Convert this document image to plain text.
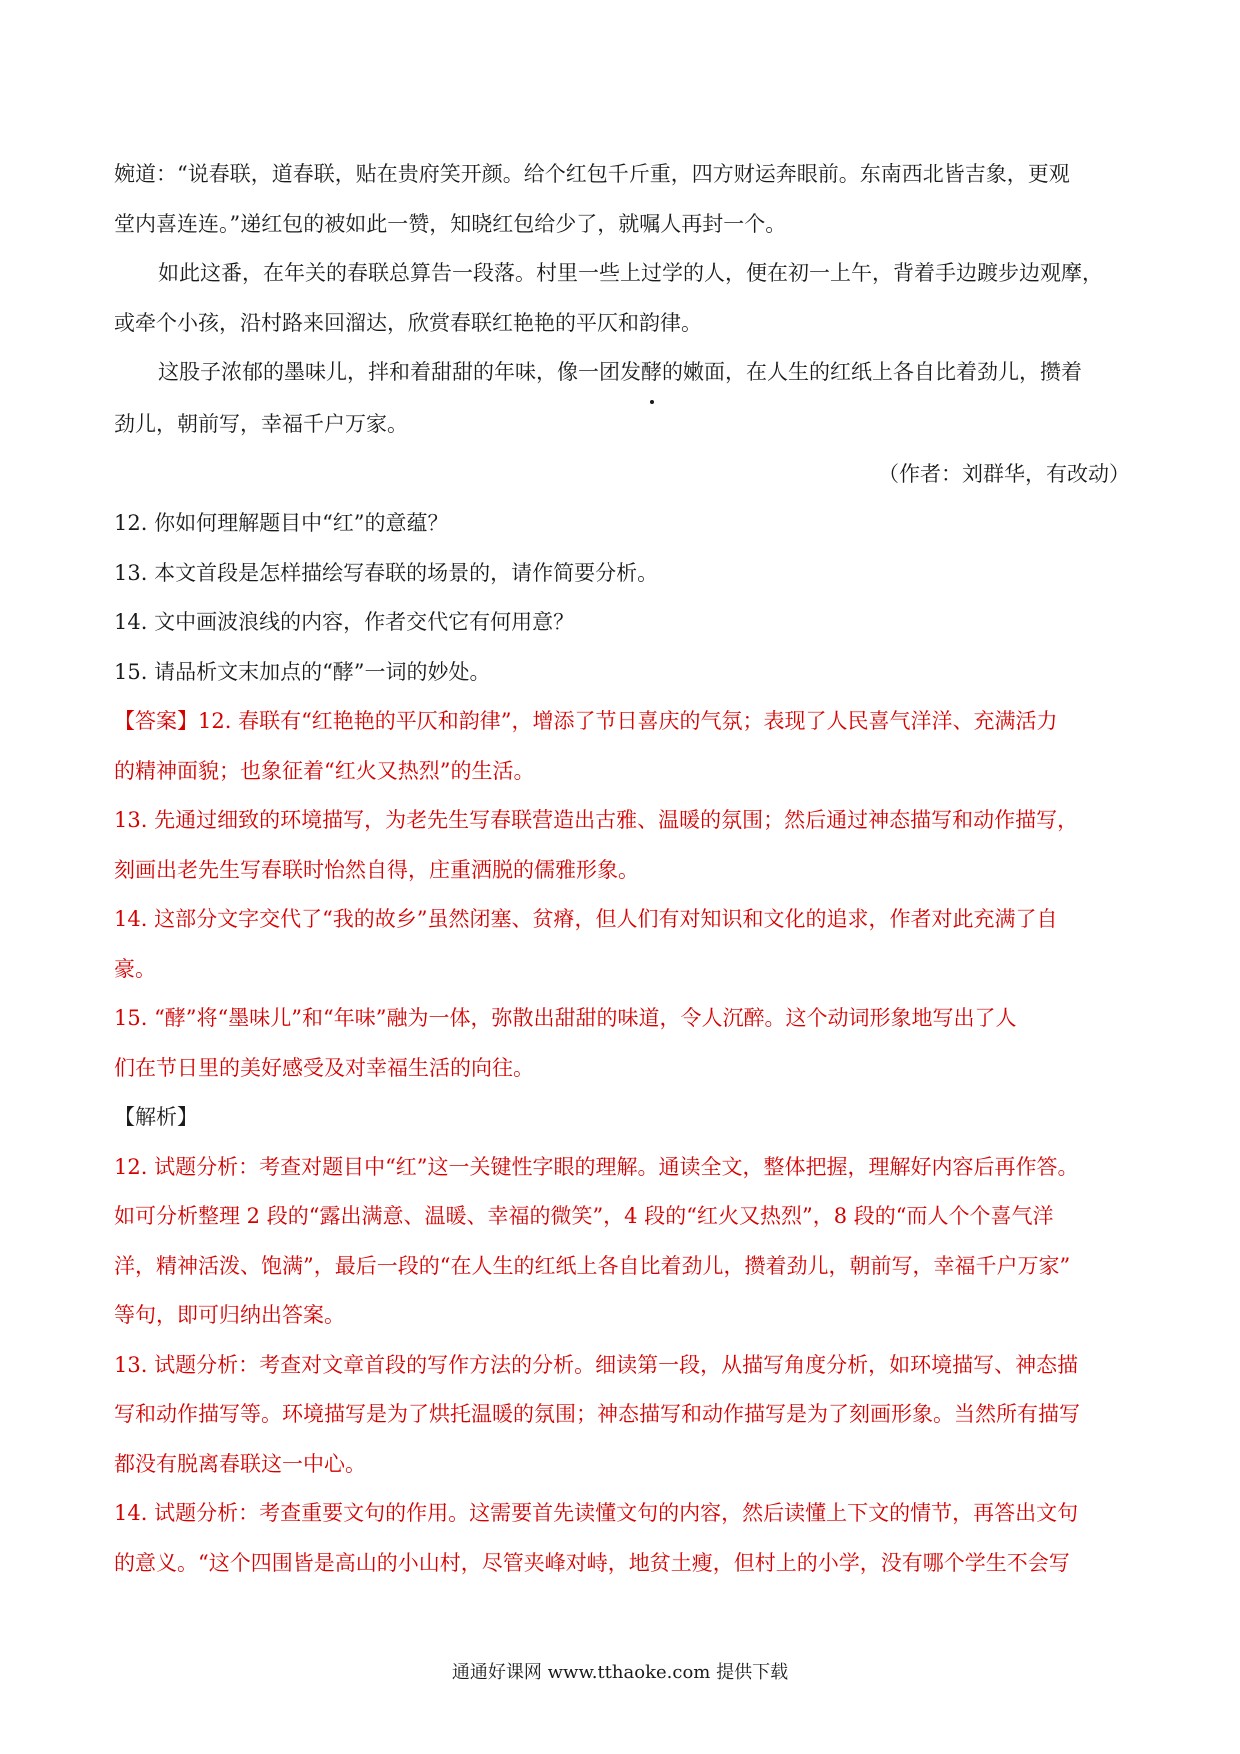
婉道：“说春联，道春联，贴在贵府笑开颜。给个红包千斤重，四方财运奔眼前。东南西北皆吉象，更观

堂内喜连连。”递红包的被如此一赞，知晓红包给少了，就嘱人再封一个。

如此这番，在年关的春联总算告一段落。村里一些上过学的人，便在初一上午，背着手边踱步边观摩，

或牵个小孩，沿村路来回溜达，欣赏春联红艳艳的平仄和韵律。

这股子浓郁的墨味儿，拌和着甜甜的年味，像一团发酵的嫩面，在人生的红纸上各自比着劲儿，攒着

劲儿，朝前写，幸福千户万家。

（作者：刘群华，有改动）

12. 你如何理解题目中“红”的意蕴？

13. 本文首段是怎样描绘写春联的场景的，请作简要分析。

14. 文中画波浪线的内容，作者交代它有何用意？

15. 请品析文末加点的“酵”一词的妙处。

【答案】12. 春联有“红艳艳的平仄和韵律”，增添了节日喜庆的气氛；表现了人民喜气洋洋、充满活力

的精神面貌；也象征着“红火又热烈”的生活。

13. 先通过细致的环境描写，为老先生写春联营造出古雅、温暖的氛围；然后通过神态描写和动作描写，

刻画出老先生写春联时怡然自得，庄重洒脱的儒雅形象。

14. 这部分文字交代了“我的故乡”虽然闭塞、贫瘠，但人们有对知识和文化的追求，作者对此充满了自

豪。

15. “酵”将“墨味儿”和“年味”融为一体，弥散出甜甜的味道，令人沉醉。这个动词形象地写出了人

们在节日里的美好感受及对幸福生活的向往。

【解析】

12. 试题分析：考查对题目中“红”这一关键性字眼的理解。通读全文，整体把握，理解好内容后再作答。

如可分析整理 2 段的“露出满意、温暖、幸福的微笑”，4 段的“红火又热烈”，8 段的“而人个个喜气洋

洋，精神活泼、饱满”，最后一段的“在人生的红纸上各自比着劲儿，攒着劲儿，朝前写，幸福千户万家”

等句，即可归纳出答案。

13. 试题分析：考查对文章首段的写作方法的分析。细读第一段，从描写角度分析，如环境描写、神态描

写和动作描写等。环境描写是为了烘托温暖的氛围；神态描写和动作描写是为了刻画形象。当然所有描写

都没有脱离春联这一中心。

14. 试题分析：考查重要文句的作用。这需要首先读懂文句的内容，然后读懂上下文的情节，再答出文句

的意义。“这个四围皆是高山的小山村，尽管夹峰对峙，地贫土瘦，但村上的小学，没有哪个学生不会写

通通好课网 www.tthaoke.com 提供下载
